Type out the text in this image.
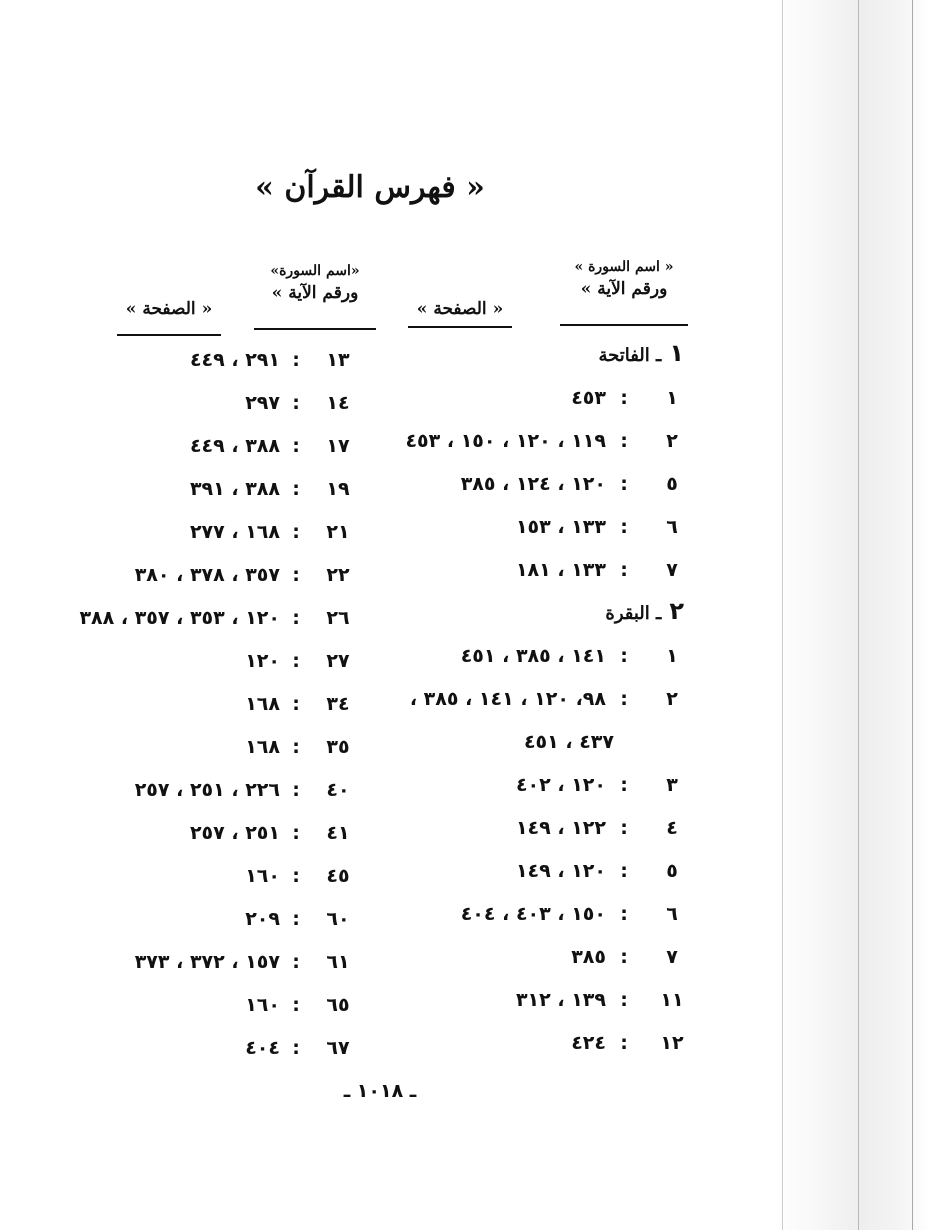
« فهرس القرآن »
« اسم السورة »
ورقم الآية »
« الصفحة »
«اسم السورة»
ورقم الآية »
« الصفحة »
١ـ الفاتحة
١
:
٤٥٣
٢
:
١١٩ ، ١٢٠ ، ١٥٠ ، ٤٥٣
٥
:
١٢٠ ، ١٢٤ ، ٣٨٥
٦
:
١٣٣ ، ١٥٣
٧
:
١٣٣ ، ١٨١
٢ـ البقرة
١
:
١٤١ ، ٣٨٥ ، ٤٥١
٢
:
٩٨، ١٢٠ ، ١٤١ ، ٣٨٥ ،
٤٣٧ ، ٤٥١
٣
:
١٢٠ ، ٤٠٢
٤
:
١٢٢ ، ١٤٩
٥
:
١٢٠ ، ١٤٩
٦
:
١٥٠ ، ٤٠٣ ، ٤٠٤
٧
:
٣٨٥
١١
:
١٣٩ ، ٣١٢
١٢
:
٤٢٤
١٣
:
٢٩١ ، ٤٤٩
١٤
:
٢٩٧
١٧
:
٣٨٨ ، ٤٤٩
١٩
:
٣٨٨ ، ٣٩١
٢١
:
١٦٨ ، ٢٧٧
٢٢
:
٣٥٧ ، ٣٧٨ ، ٣٨٠
٢٦
:
١٢٠ ، ٣٥٣ ، ٣٥٧ ، ٣٨٨
٢٧
:
١٢٠
٣٤
:
١٦٨
٣٥
:
١٦٨
٤٠
:
٢٢٦ ، ٢٥١ ، ٢٥٧
٤١
:
٢٥١ ، ٢٥٧
٤٥
:
١٦٠
٦٠
:
٢٠٩
٦١
:
١٥٧ ، ٣٧٢ ، ٣٧٣
٦٥
:
١٦٠
٦٧
:
٤٠٤
ـ ١٠١٨ ـ
